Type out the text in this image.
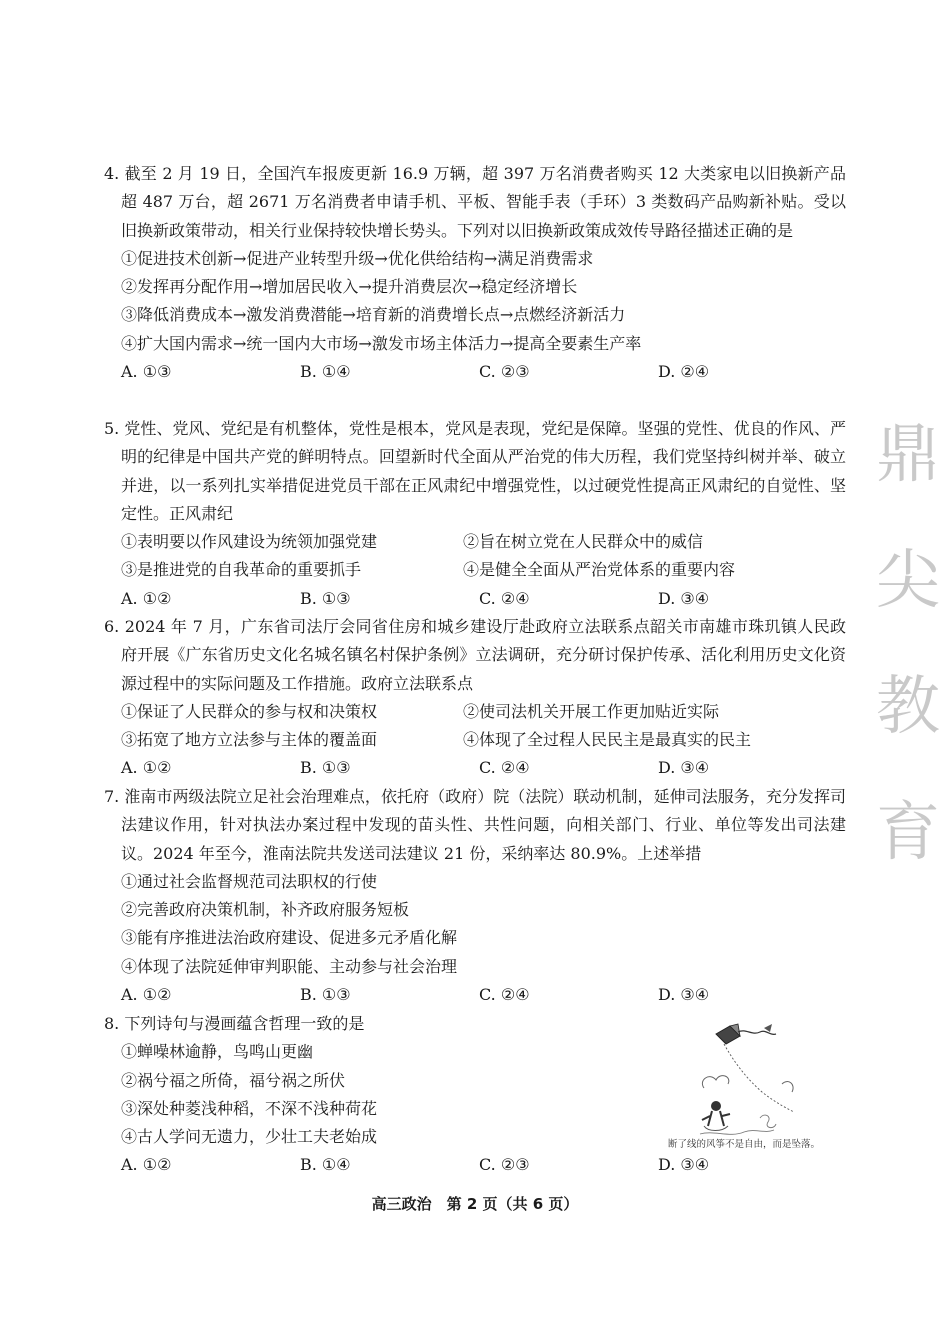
4. 截至 2 月 19 日，全国汽车报废更新 16.9 万辆，超 397 万名消费者购买 12 大类家电以旧换新产品超 487 万台，超 2671 万名消费者申请手机、平板、智能手表（手环）3 类数码产品购新补贴。受以旧换新政策带动，相关行业保持较快增长势头。下列对以旧换新政策成效传导路径描述正确的是
①促进技术创新→促进产业转型升级→优化供给结构→满足消费需求
②发挥再分配作用→增加居民收入→提升消费层次→稳定经济增长
③降低消费成本→激发消费潜能→培育新的消费增长点→点燃经济新活力
④扩大国内需求→统一国内大市场→激发市场主体活力→提高全要素生产率
A. ①③	B. ①④	C. ②③	D. ②④
5. 党性、党风、党纪是有机整体，党性是根本，党风是表现，党纪是保障。坚强的党性、优良的作风、严明的纪律是中国共产党的鲜明特点。回望新时代全面从严治党的伟大历程，我们党坚持纠树并举、破立并进，以一系列扎实举措促进党员干部在正风肃纪中增强党性，以过硬党性提高正风肃纪的自觉性、坚定性。正风肃纪
①表明要以作风建设为统领加强党建	②旨在树立党在人民群众中的威信
③是推进党的自我革命的重要抓手	④是健全全面从严治党体系的重要内容
A. ①②	B. ①③	C. ②④	D. ③④
6. 2024 年 7 月，广东省司法厅会同省住房和城乡建设厅赴政府立法联系点韶关市南雄市珠玑镇人民政府开展《广东省历史文化名城名镇名村保护条例》立法调研，充分研讨保护传承、活化利用历史文化资源过程中的实际问题及工作措施。政府立法联系点
①保证了人民群众的参与权和决策权	②使司法机关开展工作更加贴近实际
③拓宽了地方立法参与主体的覆盖面	④体现了全过程人民民主是最真实的民主
A. ①②	B. ①③	C. ②④	D. ③④
7. 淮南市两级法院立足社会治理难点，依托府（政府）院（法院）联动机制，延伸司法服务，充分发挥司法建议作用，针对执法办案过程中发现的苗头性、共性问题，向相关部门、行业、单位等发出司法建议。2024 年至今，淮南法院共发送司法建议 21 份，采纳率达 80.9%。上述举措
①通过社会监督规范司法职权的行使
②完善政府决策机制，补齐政府服务短板
③能有序推进法治政府建设、促进多元矛盾化解
④体现了法院延伸审判职能、主动参与社会治理
A. ①②	B. ①③	C. ②④	D. ③④
8. 下列诗句与漫画蕴含哲理一致的是
①蝉噪林逾静，鸟鸣山更幽
②祸兮福之所倚，福兮祸之所伏
③深处种菱浅种稻，不深不浅种荷花
④古人学问无遗力，少壮工夫老始成
A. ①②	B. ①④	C. ②③	D. ③④
断了线的风筝不是自由，而是坠落。
鼎
尖
教
育
高三政治　第 2 页（共 6 页）
